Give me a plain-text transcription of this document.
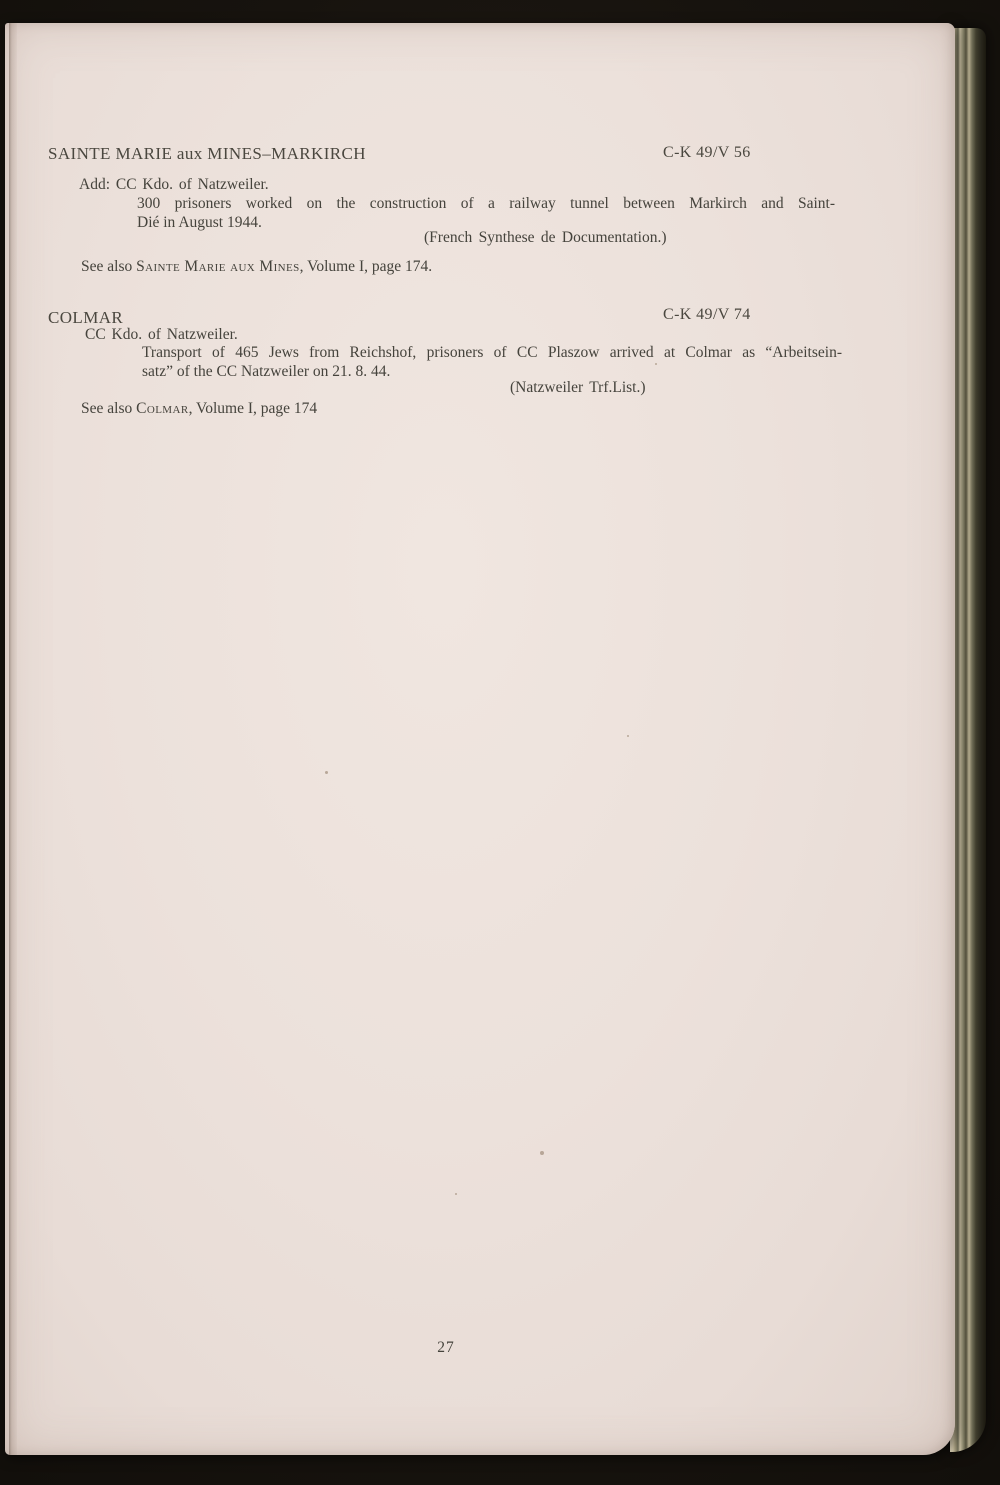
SAINTE MARIE aux MINES–MARKIRCH	C-K 49/V 56
Add: CC Kdo. of Natzweiler.
300 prisoners worked on the construction of a railway tunnel between Markirch and Saint-
Dié in August 1944.
(French Synthese de Documentation.)
See also Sainte Marie aux Mines, Volume I, page 174.
COLMAR	C-K 49/V 74
CC Kdo. of Natzweiler.
Transport of 465 Jews from Reichshof, prisoners of CC Plaszow arrived at Colmar as “Arbeitsein-
satz” of the CC Natzweiler on 21. 8. 44.
(Natzweiler Trf.List.)
See also Colmar, Volume I, page 174
27
